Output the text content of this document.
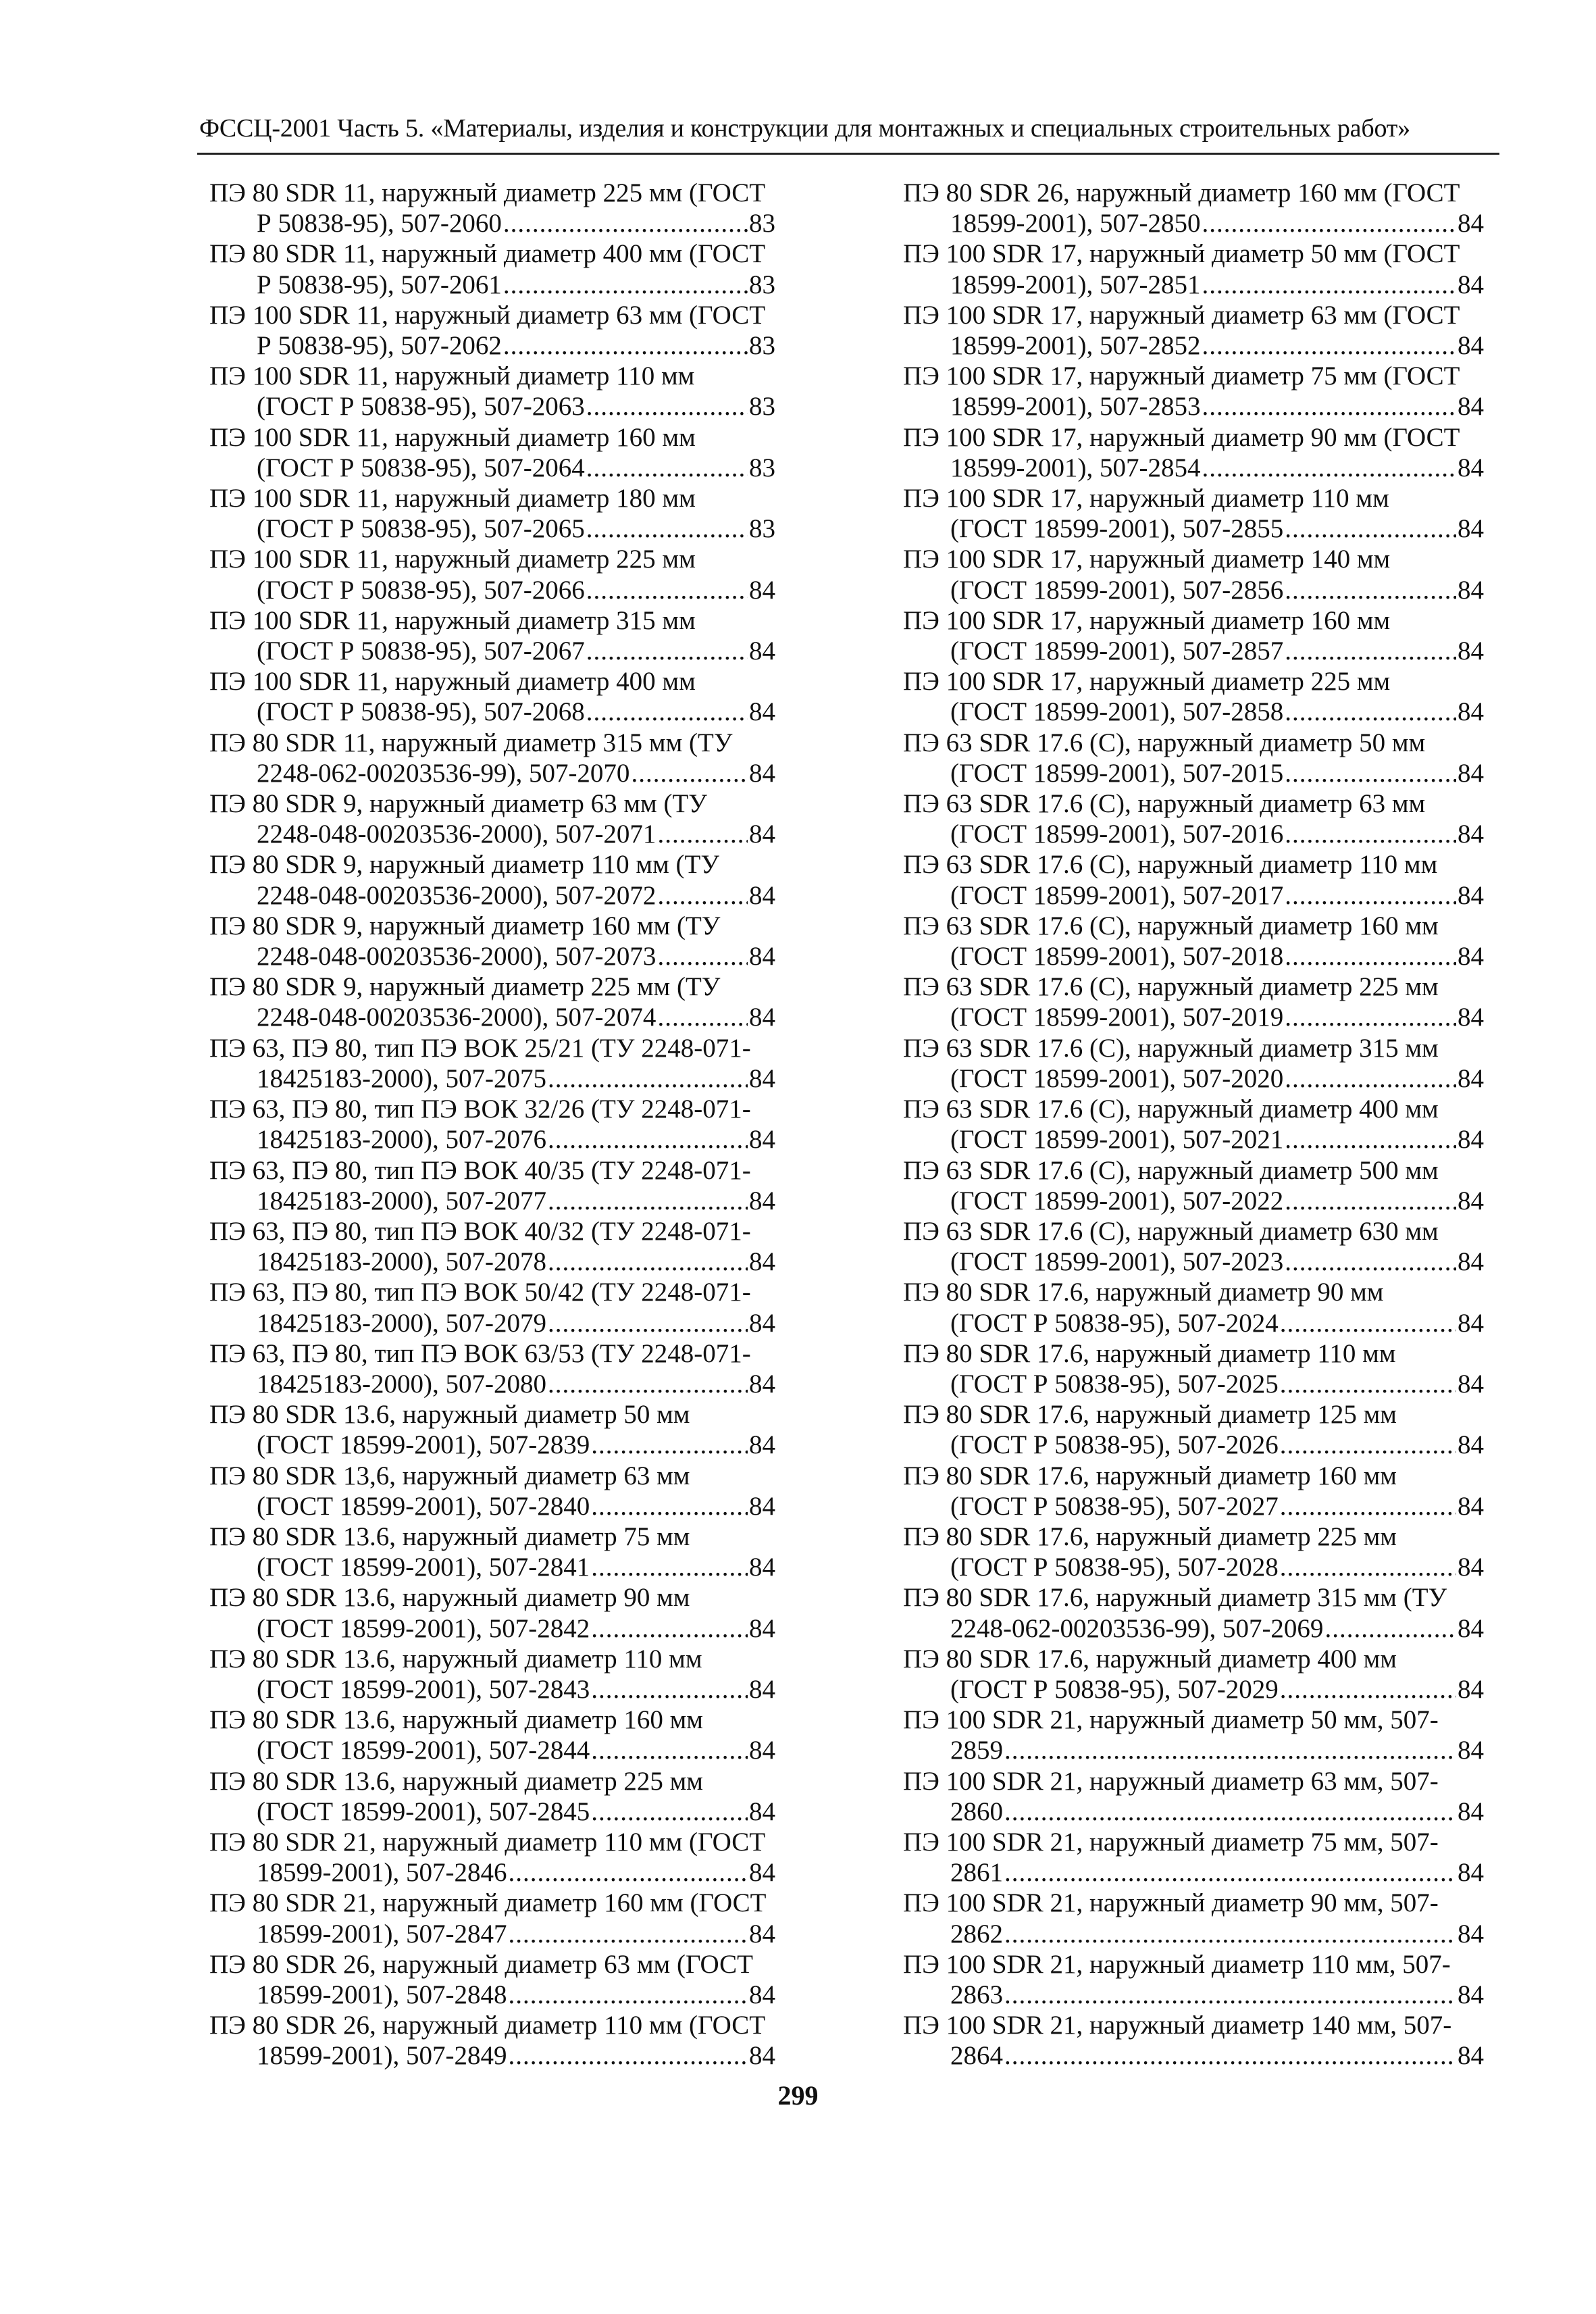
ФССЦ-2001 Часть 5. «Материалы, изделия и конструкции для монтажных и специальных строительных работ»
ПЭ 80 SDR 11, наружный диаметр 225 мм (ГОСТ
Р 50838-95), 507-2060 .....	83
ПЭ 80 SDR 11, наружный диаметр 400 мм (ГОСТ
Р 50838-95), 507-2061 .....	83
ПЭ 100 SDR 11, наружный диаметр 63 мм (ГОСТ
Р 50838-95), 507-2062 .....	83
ПЭ 100 SDR 11, наружный диаметр 110 мм
(ГОСТ Р 50838-95), 507-2063 .....	83
ПЭ 100 SDR 11, наружный диаметр 160 мм
(ГОСТ Р 50838-95), 507-2064 .....	83
ПЭ 100 SDR 11, наружный диаметр 180 мм
(ГОСТ Р 50838-95), 507-2065 .....	83
ПЭ 100 SDR 11, наружный диаметр 225 мм
(ГОСТ Р 50838-95), 507-2066 .....	84
ПЭ 100 SDR 11, наружный диаметр 315 мм
(ГОСТ Р 50838-95), 507-2067 .....	84
ПЭ 100 SDR 11, наружный диаметр 400 мм
(ГОСТ Р 50838-95), 507-2068 .....	84
ПЭ 80 SDR 11, наружный диаметр 315 мм (ТУ
2248-062-00203536-99), 507-2070 .....	84
ПЭ 80 SDR 9, наружный диаметр 63 мм (ТУ
2248-048-00203536-2000), 507-2071 .....	84
ПЭ 80 SDR 9, наружный диаметр 110 мм (ТУ
2248-048-00203536-2000), 507-2072 .....	84
ПЭ 80 SDR 9, наружный диаметр 160 мм (ТУ
2248-048-00203536-2000), 507-2073 .....	84
ПЭ 80 SDR 9, наружный диаметр 225 мм (ТУ
2248-048-00203536-2000), 507-2074 .....	84
ПЭ 63, ПЭ 80, тип ПЭ ВОК 25/21 (ТУ 2248-071-
18425183-2000), 507-2075 .....	84
ПЭ 63, ПЭ 80, тип ПЭ ВОК 32/26 (ТУ 2248-071-
18425183-2000), 507-2076 .....	84
ПЭ 63, ПЭ 80, тип ПЭ ВОК 40/35 (ТУ 2248-071-
18425183-2000), 507-2077 .....	84
ПЭ 63, ПЭ 80, тип ПЭ ВОК 40/32 (ТУ 2248-071-
18425183-2000), 507-2078 .....	84
ПЭ 63, ПЭ 80, тип ПЭ ВОК 50/42 (ТУ 2248-071-
18425183-2000), 507-2079 .....	84
ПЭ 63, ПЭ 80, тип ПЭ ВОК 63/53 (ТУ 2248-071-
18425183-2000), 507-2080 .....	84
ПЭ 80 SDR 13.6, наружный диаметр 50 мм
(ГОСТ 18599-2001), 507-2839 .....	84
ПЭ 80 SDR 13,6, наружный диаметр 63 мм
(ГОСТ 18599-2001), 507-2840 .....	84
ПЭ 80 SDR 13.6, наружный диаметр 75 мм
(ГОСТ 18599-2001), 507-2841 .....	84
ПЭ 80 SDR 13.6, наружный диаметр 90 мм
(ГОСТ 18599-2001), 507-2842 .....	84
ПЭ 80 SDR 13.6, наружный диаметр 110 мм
(ГОСТ 18599-2001), 507-2843 .....	84
ПЭ 80 SDR 13.6, наружный диаметр 160 мм
(ГОСТ 18599-2001), 507-2844 .....	84
ПЭ 80 SDR 13.6, наружный диаметр 225 мм
(ГОСТ 18599-2001), 507-2845 .....	84
ПЭ 80 SDR 21, наружный диаметр 110 мм (ГОСТ
18599-2001), 507-2846 .....	84
ПЭ 80 SDR 21, наружный диаметр 160 мм (ГОСТ
18599-2001), 507-2847 .....	84
ПЭ 80 SDR 26, наружный диаметр 63 мм (ГОСТ
18599-2001), 507-2848 .....	84
ПЭ 80 SDR 26, наружный диаметр 110 мм (ГОСТ
18599-2001), 507-2849 .....	84
ПЭ 80 SDR 26, наружный диаметр 160 мм (ГОСТ
18599-2001), 507-2850 .....	84
ПЭ 100 SDR 17, наружный диаметр 50 мм (ГОСТ
18599-2001), 507-2851 .....	84
ПЭ 100 SDR 17, наружный диаметр 63 мм (ГОСТ
18599-2001), 507-2852 .....	84
ПЭ 100 SDR 17, наружный диаметр 75 мм (ГОСТ
18599-2001), 507-2853 .....	84
ПЭ 100 SDR 17, наружный диаметр 90 мм (ГОСТ
18599-2001), 507-2854 .....	84
ПЭ 100 SDR 17, наружный диаметр 110 мм
(ГОСТ 18599-2001), 507-2855 .....	84
ПЭ 100 SDR 17, наружный диаметр 140 мм
(ГОСТ 18599-2001), 507-2856 .....	84
ПЭ 100 SDR 17, наружный диаметр 160 мм
(ГОСТ 18599-2001), 507-2857 .....	84
ПЭ 100 SDR 17, наружный диаметр 225 мм
(ГОСТ 18599-2001), 507-2858 .....	84
ПЭ 63 SDR 17.6 (С), наружный диаметр 50 мм
(ГОСТ 18599-2001), 507-2015 .....	84
ПЭ 63 SDR 17.6 (С), наружный диаметр 63 мм
(ГОСТ 18599-2001), 507-2016 .....	84
ПЭ 63 SDR 17.6 (С), наружный диаметр 110 мм
(ГОСТ 18599-2001), 507-2017 .....	84
ПЭ 63 SDR 17.6 (С), наружный диаметр 160 мм
(ГОСТ 18599-2001), 507-2018 .....	84
ПЭ 63 SDR 17.6 (С), наружный диаметр 225 мм
(ГОСТ 18599-2001), 507-2019 .....	84
ПЭ 63 SDR 17.6 (С), наружный диаметр 315 мм
(ГОСТ 18599-2001), 507-2020 .....	84
ПЭ 63 SDR 17.6 (С), наружный диаметр 400 мм
(ГОСТ 18599-2001), 507-2021 .....	84
ПЭ 63 SDR 17.6 (С), наружный диаметр 500 мм
(ГОСТ 18599-2001), 507-2022 .....	84
ПЭ 63 SDR 17.6 (С), наружный диаметр 630 мм
(ГОСТ 18599-2001), 507-2023 .....	84
ПЭ 80 SDR 17.6, наружный диаметр 90 мм
(ГОСТ Р 50838-95), 507-2024 .....	84
ПЭ 80 SDR 17.6, наружный диаметр 110 мм
(ГОСТ Р 50838-95), 507-2025 .....	84
ПЭ 80 SDR 17.6, наружный диаметр 125 мм
(ГОСТ Р 50838-95), 507-2026 .....	84
ПЭ 80 SDR 17.6, наружный диаметр 160 мм
(ГОСТ Р 50838-95), 507-2027 .....	84
ПЭ 80 SDR 17.6, наружный диаметр 225 мм
(ГОСТ Р 50838-95), 507-2028 .....	84
ПЭ 80 SDR 17.6, наружный диаметр 315 мм (ТУ
2248-062-00203536-99), 507-2069 .....	84
ПЭ 80 SDR 17.6, наружный диаметр 400 мм
(ГОСТ Р 50838-95), 507-2029 .....	84
ПЭ 100 SDR 21, наружный диаметр 50 мм, 507-
2859 .....	84
ПЭ 100 SDR 21, наружный диаметр 63 мм, 507-
2860 .....	84
ПЭ 100 SDR 21, наружный диаметр 75 мм, 507-
2861 .....	84
ПЭ 100 SDR 21, наружный диаметр 90 мм, 507-
2862 .....	84
ПЭ 100 SDR 21, наружный диаметр 110 мм, 507-
2863 .....	84
ПЭ 100 SDR 21, наружный диаметр 140 мм, 507-
2864 .....	84
299
